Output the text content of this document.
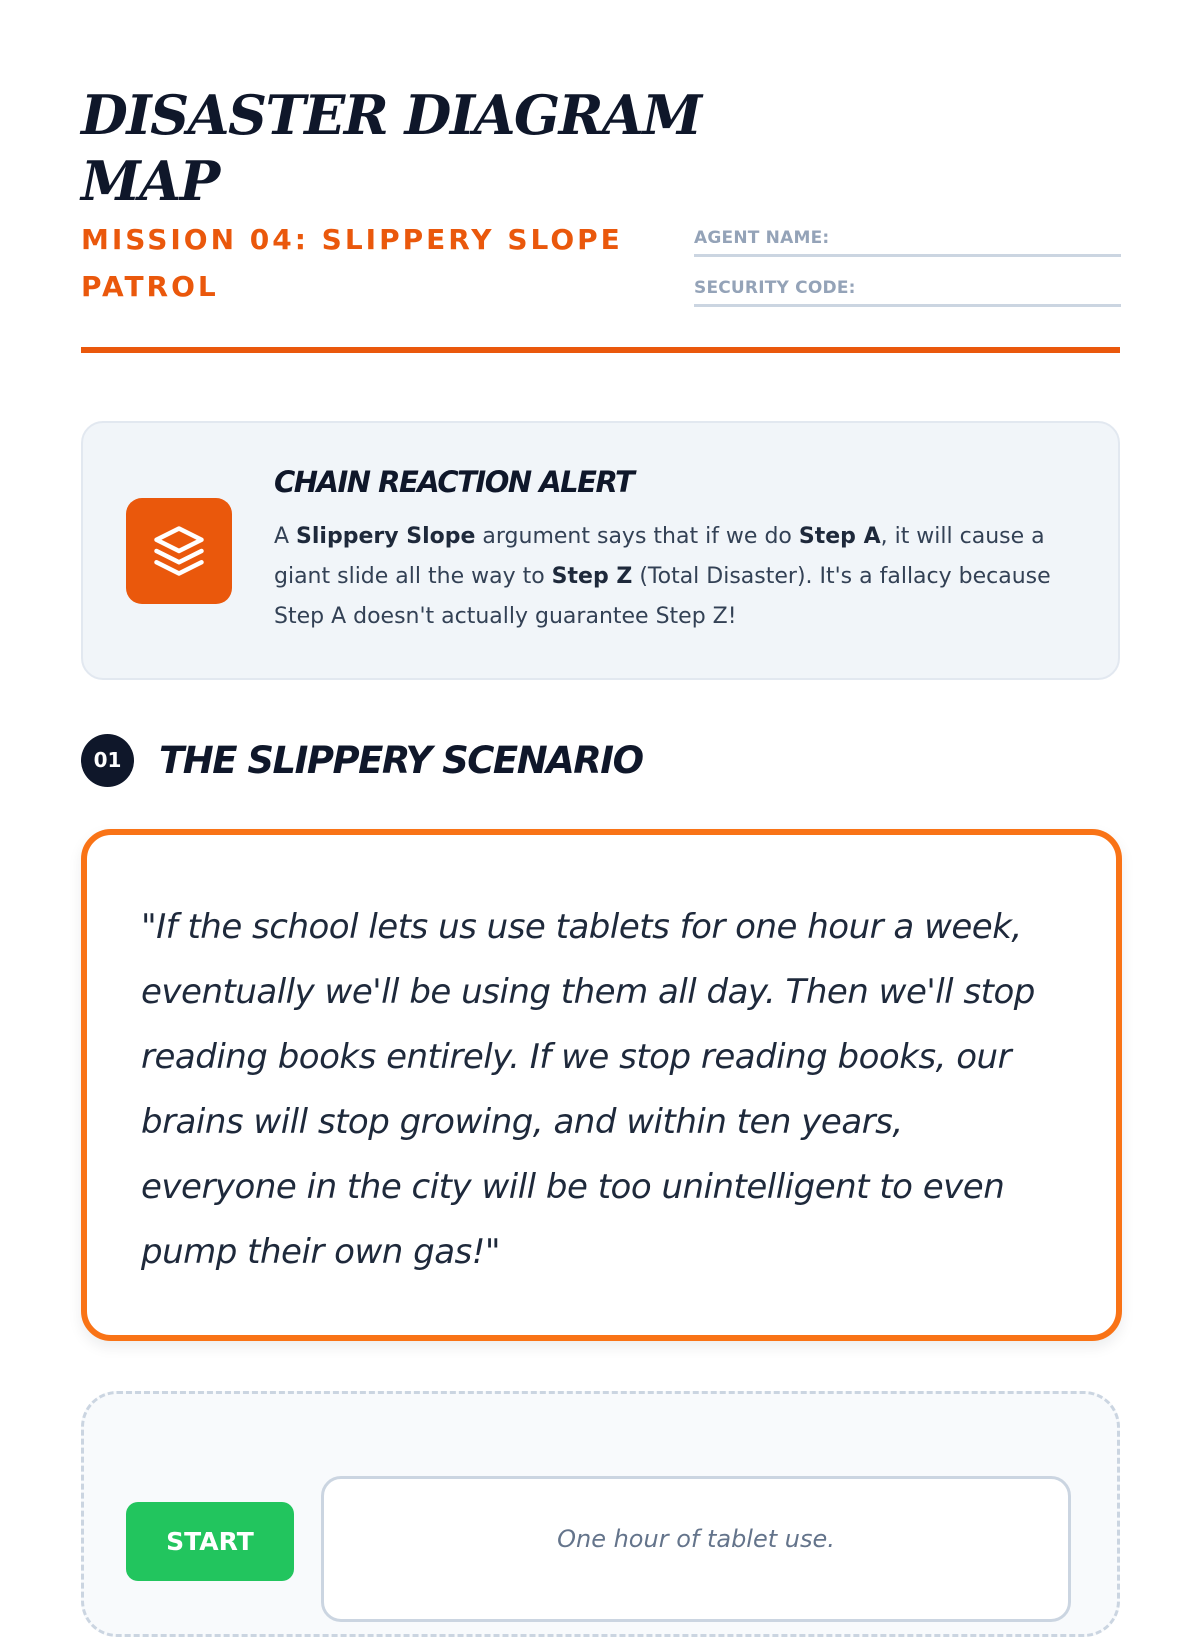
DISASTER DIAGRAM MAP
MISSION 04: SLIPPERY SLOPE PATROL
AGENT NAME:
SECURITY CODE:
CHAIN REACTION ALERT

A Slippery Slope argument says that if we do Step A, it will cause a giant slide all the way to Step Z (Total Disaster). It's a fallacy because Step A doesn't actually guarantee Step Z!

01	THE SLIPPERY SCENARIO

"If the school lets us use tablets for one hour a week, eventually we'll be using them all day. Then we'll stop reading books entirely. If we stop reading books, our brains will stop growing, and within ten years, everyone in the city will be too unintelligent to even pump their own gas!"

START	One hour of tablet use.
